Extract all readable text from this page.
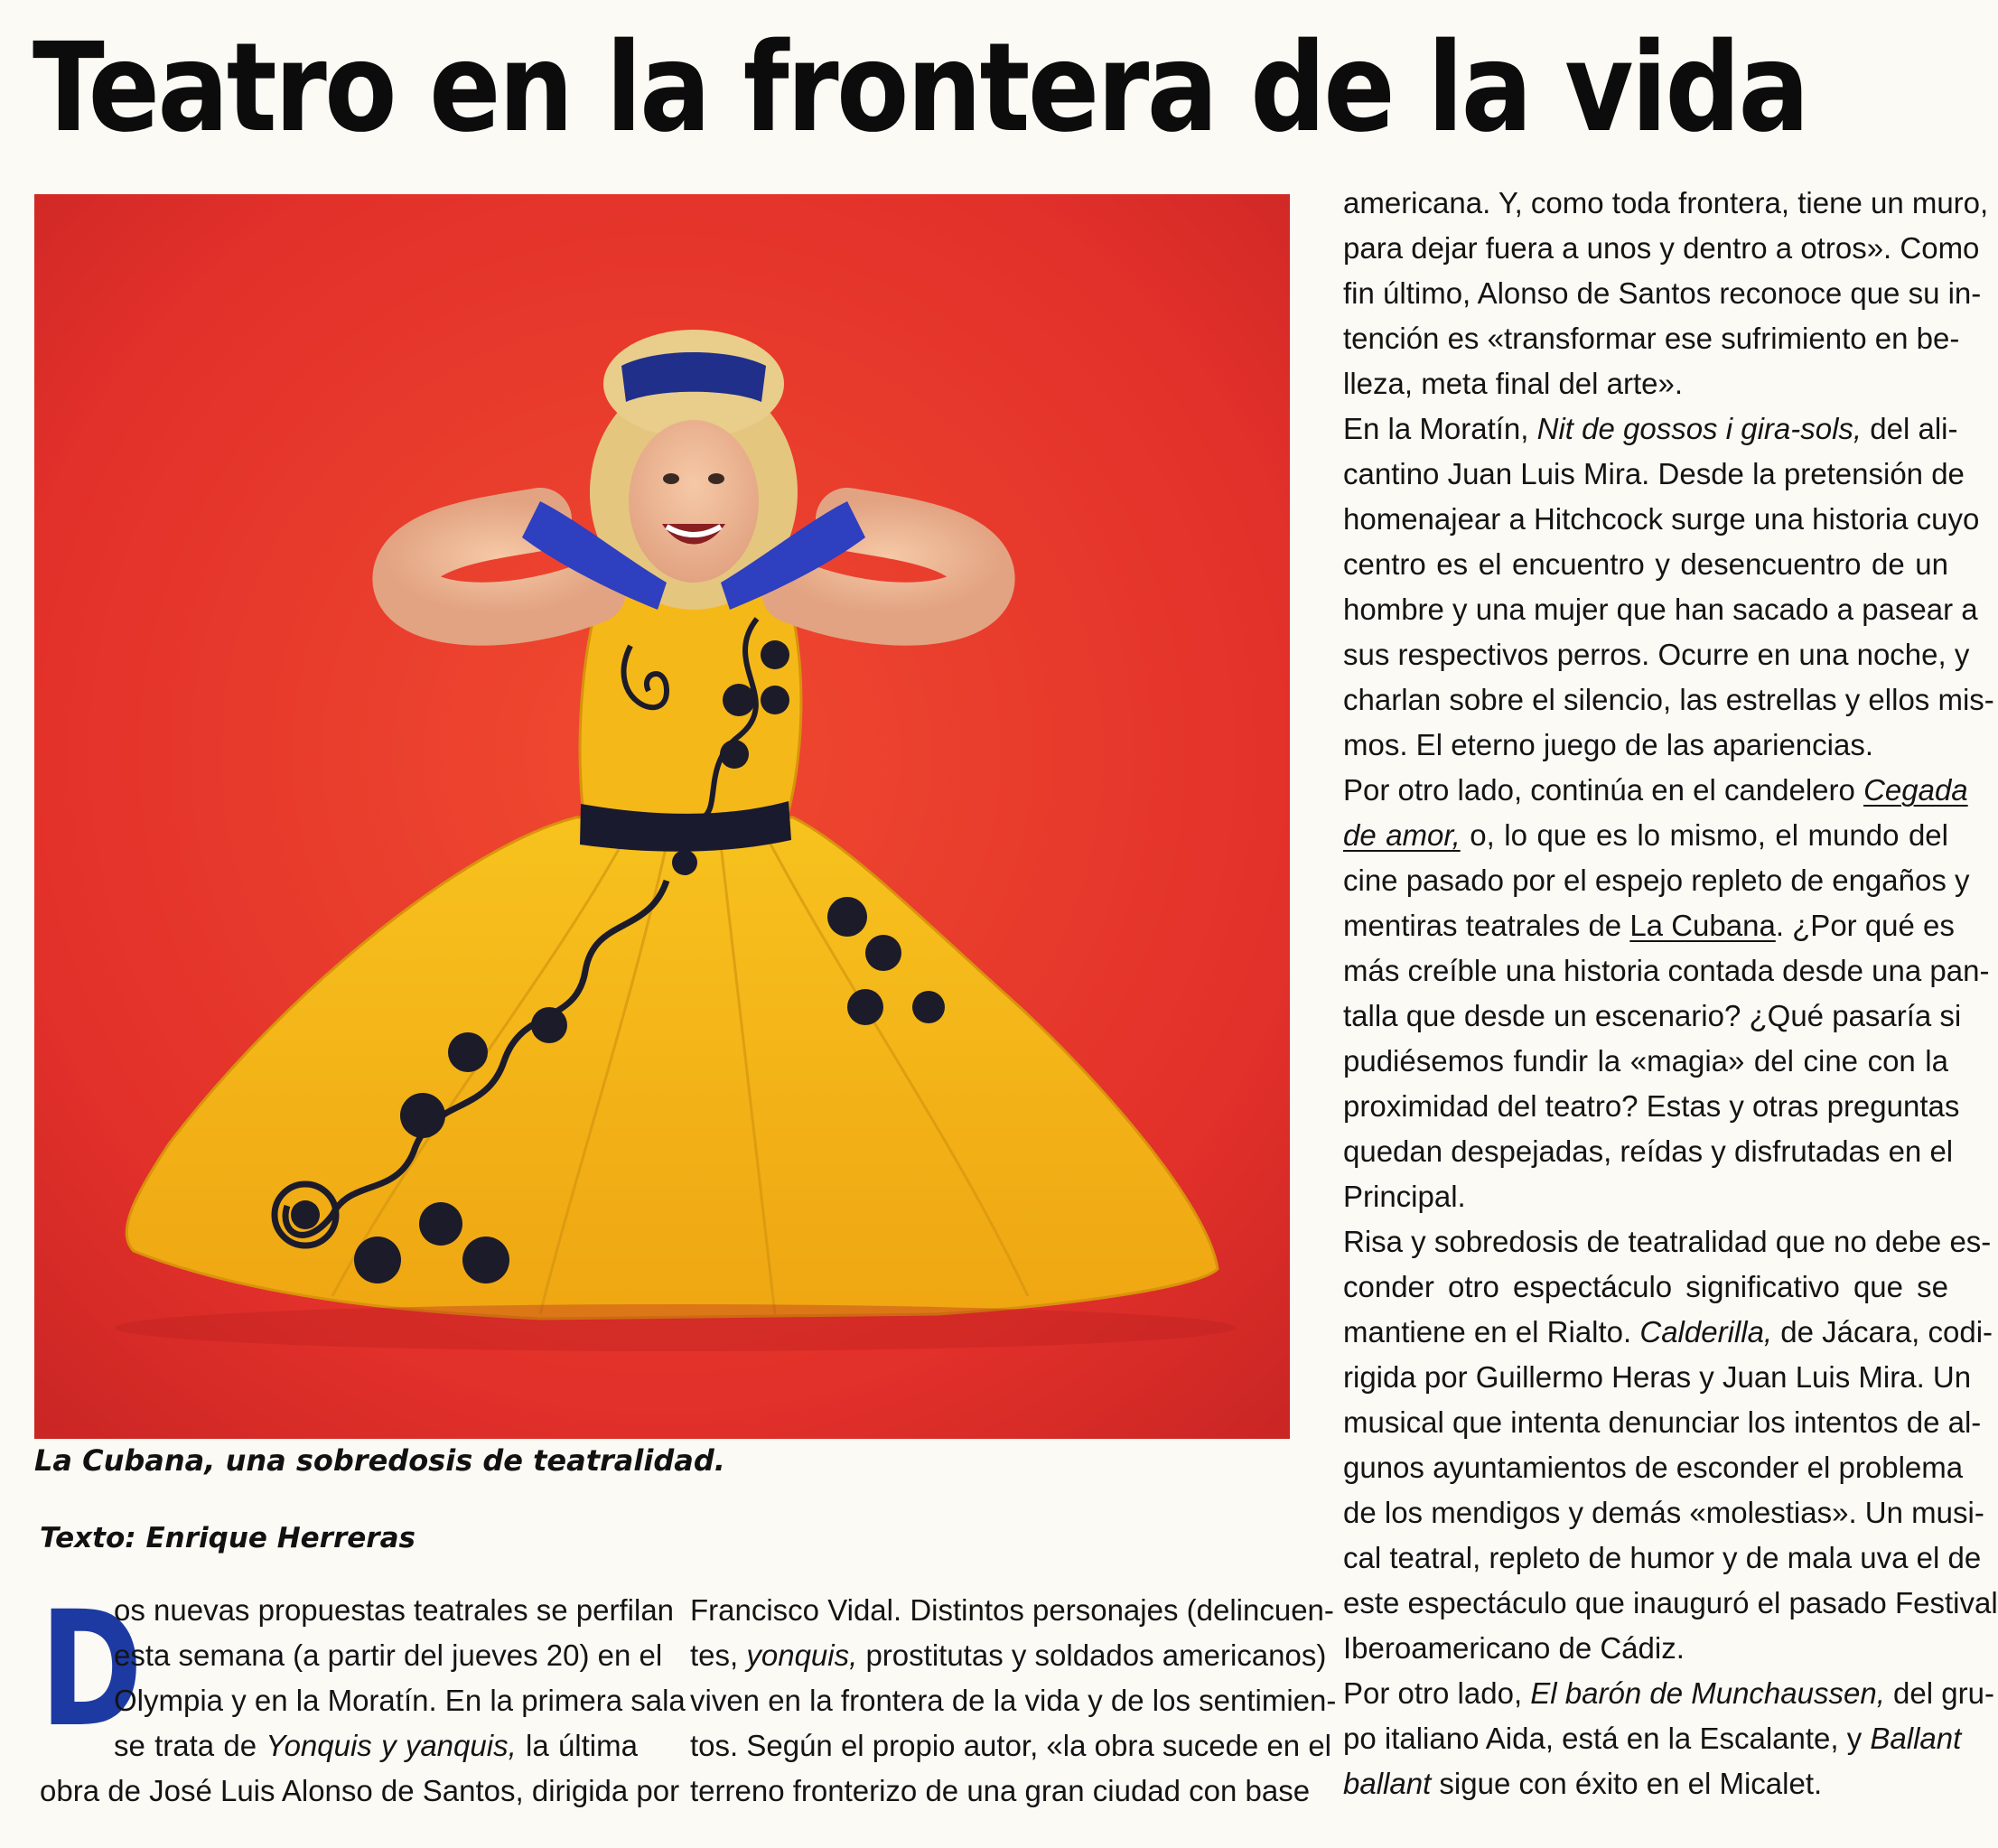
Teatro en la frontera de la vida

La Cubana, una sobredosis de teatralidad.

Texto: Enrique Herreras

D
os nuevas propuestas teatrales se perfilan
esta semana (a partir del jueves 20) en el
Olympia y en la Moratín. En la primera sala
se trata de Yonquis y yanquis, la última
obra de José Luis Alonso de Santos, dirigida por
Francisco Vidal. Distintos personajes (delincuen-
tes, yonquis, prostitutas y soldados americanos)
viven en la frontera de la vida y de los sentimien-
tos. Según el propio autor, «la obra sucede en el
terreno fronterizo de una gran ciudad con base
americana. Y, como toda frontera, tiene un muro,
para dejar fuera a unos y dentro a otros». Como
fin último, Alonso de Santos reconoce que su in-
tención es «transformar ese sufrimiento en be-
lleza, meta final del arte».
En la Moratín, Nit de gossos i gira-sols, del ali-
cantino Juan Luis Mira. Desde la pretensión de
homenajear a Hitchcock surge una historia cuyo
centro es el encuentro y desencuentro de un
hombre y una mujer que han sacado a pasear a
sus respectivos perros. Ocurre en una noche, y
charlan sobre el silencio, las estrellas y ellos mis-
mos. El eterno juego de las apariencias.
Por otro lado, continúa en el candelero Cegada
de amor, o, lo que es lo mismo, el mundo del
cine pasado por el espejo repleto de engaños y
mentiras teatrales de La Cubana. ¿Por qué es
más creíble una historia contada desde una pan-
talla que desde un escenario? ¿Qué pasaría si
pudiésemos fundir la «magia» del cine con la
proximidad del teatro? Estas y otras preguntas
quedan despejadas, reídas y disfrutadas en el
Principal.
Risa y sobredosis de teatralidad que no debe es-
conder otro espectáculo significativo que se
mantiene en el Rialto. Calderilla, de Jácara, codi-
rigida por Guillermo Heras y Juan Luis Mira. Un
musical que intenta denunciar los intentos de al-
gunos ayuntamientos de esconder el problema
de los mendigos y demás «molestias». Un musi-
cal teatral, repleto de humor y de mala uva el de
este espectáculo que inauguró el pasado Festival
Iberoamericano de Cádiz.
Por otro lado, El barón de Munchaussen, del gru-
po italiano Aida, está en la Escalante, y Ballant
ballant sigue con éxito en el Micalet.
